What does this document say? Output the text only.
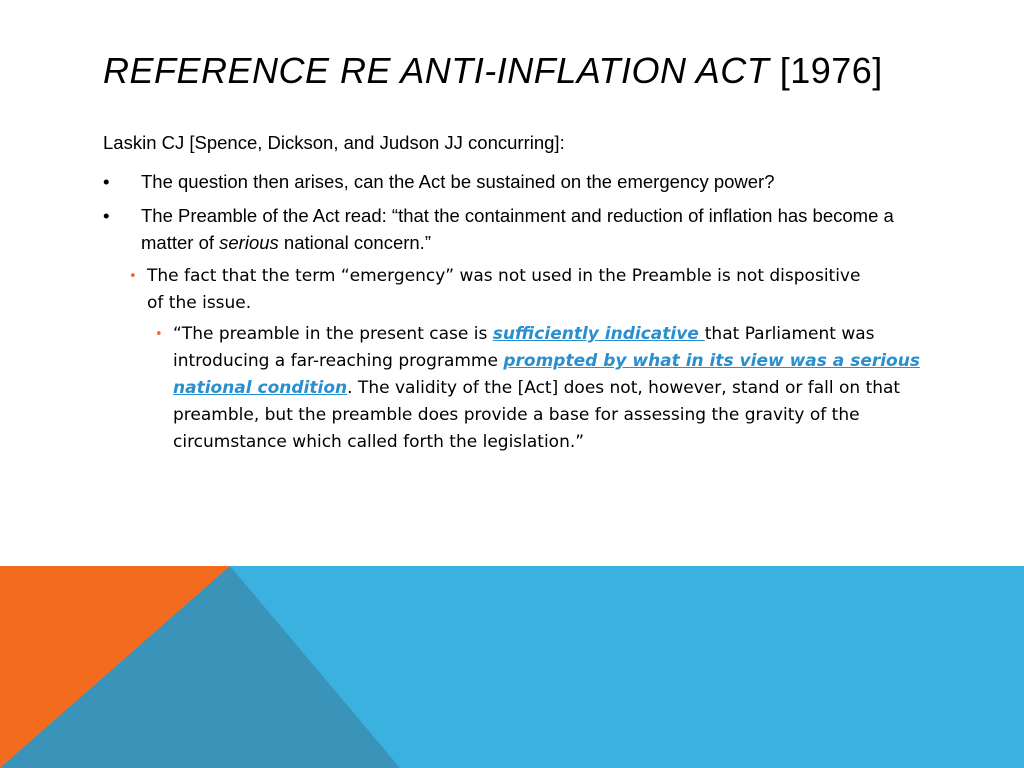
REFERENCE RE ANTI-INFLATION ACT [1976]

Laskin CJ [Spence, Dickson, and Judson JJ concurring]:

• The question then arises, can the Act be sustained on the emergency power?
• The Preamble of the Act read: “that the containment and reduction of inflation has become a matter of serious national concern.”
• The fact that the term “emergency” was not used in the Preamble is not dispositive of the issue.
• “The preamble in the present case is sufficiently indicative that Parliament was introducing a far-reaching programme prompted by what in its view was a serious national condition. The validity of the [Act] does not, however, stand or fall on that preamble, but the preamble does provide a base for assessing the gravity of the circumstance which called forth the legislation.”
